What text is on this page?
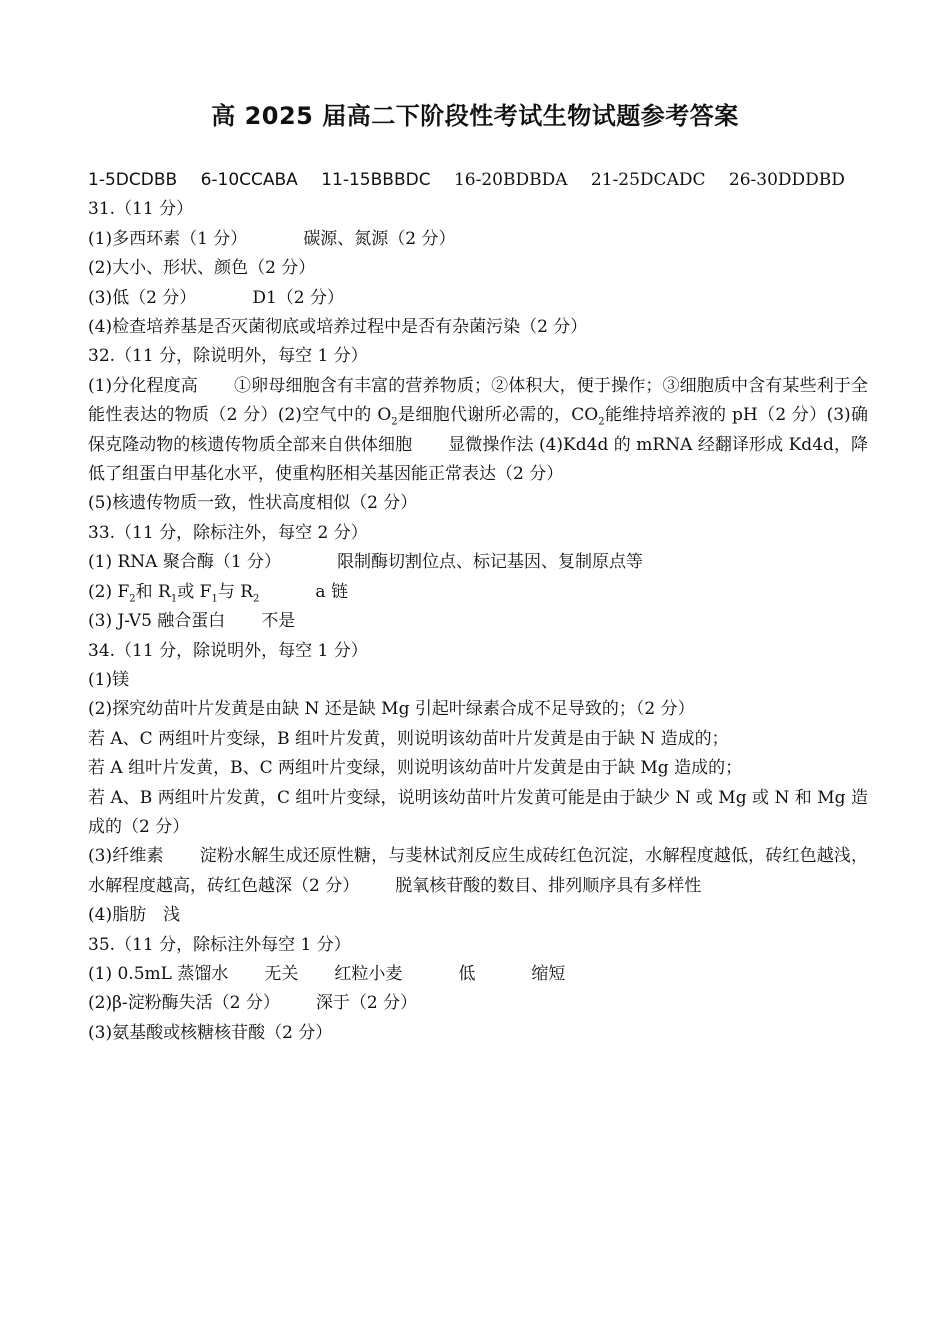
高 2025 届高二下阶段性考试生物试题参考答案
1-5DCDBB 6-10CCABA 11-15BBBDC 16-20BDBDA 21-25DCADC 26-30DDDBD
31.（11 分）
(1)多西环素（1 分）	碳源、氮源（2 分）
(2)大小、形状、颜色（2 分）
(3)低（2 分）	D1（2 分）
(4)检查培养基是否灭菌彻底或培养过程中是否有杂菌污染（2 分）
32.（11 分，除说明外，每空 1 分）
(1)分化程度高 ①卵母细胞含有丰富的营养物质；②体积大，便于操作；③细胞质中含有某些利于全能性表达的物质（2 分）(2)空气中的 $O_2$是细胞代谢所必需的，$CO_2$能维持培养液的 pH（2 分）(3)确保克隆动物的核遗传物质全部来自供体细胞 显微操作法 (4)Kd4d 的 mRNA 经翻译形成 Kd4d，降低了组蛋白甲基化水平，使重构胚相关基因能正常表达（2 分）
(5)核遗传物质一致，性状高度相似（2 分）
33.（11 分，除标注外，每空 2 分）
(1) RNA 聚合酶（1 分）	限制酶切割位点、标记基因、复制原点等
(2) $F_2$和 $R_1$或 $F_1$与 $R_2$	a 链
(3) J-V5 融合蛋白 不是
34.（11 分，除说明外，每空 1 分）
(1)镁
(2)探究幼苗叶片发黄是由缺 N 还是缺 Mg 引起叶绿素合成不足导致的；（2 分）
若 A、C 两组叶片变绿，B 组叶片发黄，则说明该幼苗叶片发黄是由于缺 N 造成的；
若 A 组叶片发黄，B、C 两组叶片变绿，则说明该幼苗叶片发黄是由于缺 Mg 造成的；
若 A、B 两组叶片发黄，C 组叶片变绿，说明该幼苗叶片发黄可能是由于缺少 N 或 Mg 或 N 和 Mg 造成的（2 分）
(3)纤维素 淀粉水解生成还原性糖，与斐林试剂反应生成砖红色沉淀，水解程度越低，砖红色越浅，水解程度越高，砖红色越深（2 分） 脱氧核苷酸的数目、排列顺序具有多样性
(4)脂肪　浅
35.（11 分，除标注外每空 1 分）
(1) 0.5mL 蒸馏水 无关 红粒小麦	低	缩短
(2)β-淀粉酶失活（2 分） 深于（2 分）
(3)氨基酸或核糖核苷酸（2 分）
